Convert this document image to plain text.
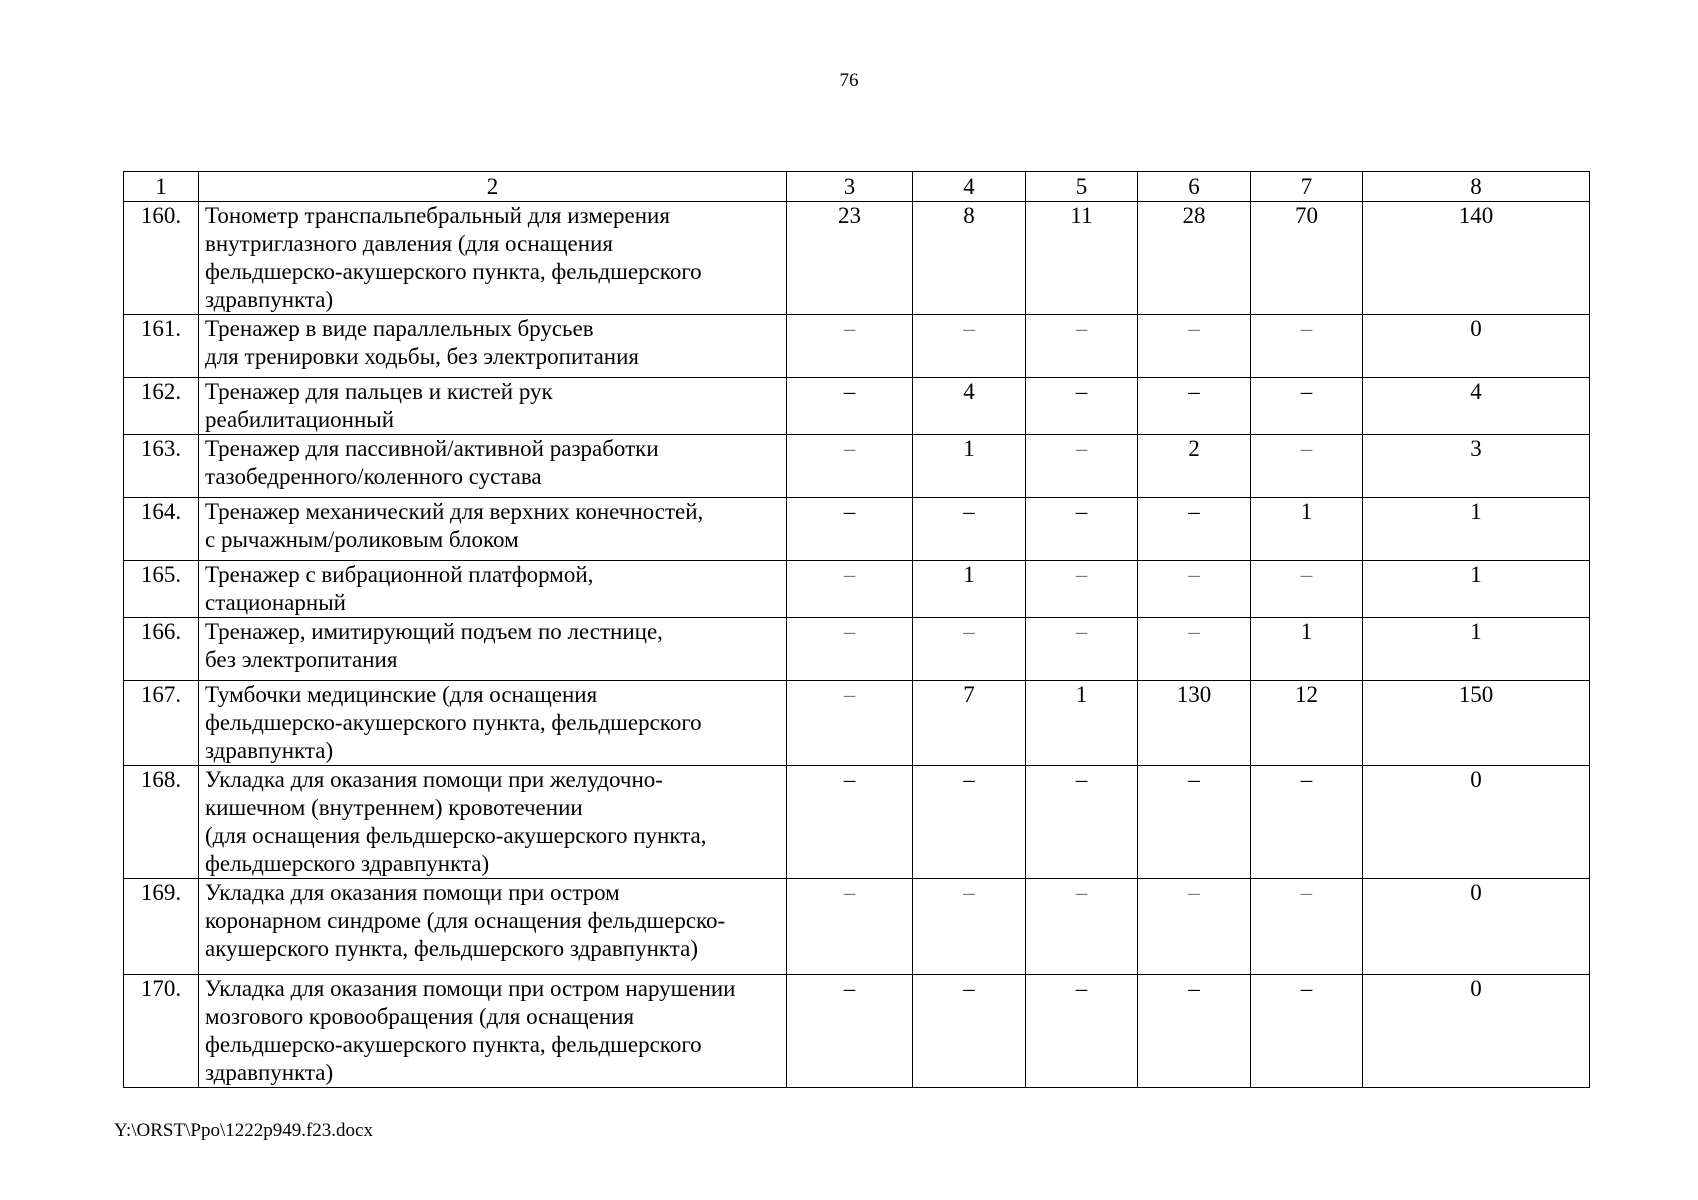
76
1	2	3	4	5	6	7	8
160.	Тонометр транспальпебральный для измерения
внутриглазного давления (для оснащения
фельдшерско-акушерского пункта, фельдшерского
здравпункта)	23	8	11	28	70	140
161.	Тренажер в виде параллельных брусьев
для тренировки ходьбы, без электропитания	–	–	–	–	–	0
162.	Тренажер для пальцев и кистей рук
реабилитационный	–	4	–	–	–	4
163.	Тренажер для пассивной/активной разработки
тазобедренного/коленного сустава	–	1	–	2	–	3
164.	Тренажер механический для верхних конечностей,
с рычажным/роликовым блоком	–	–	–	–	1	1
165.	Тренажер с вибрационной платформой,
стационарный	–	1	–	–	–	1
166.	Тренажер, имитирующий подъем по лестнице,
без электропитания	–	–	–	–	1	1
167.	Тумбочки медицинские (для оснащения
фельдшерско-акушерского пункта, фельдшерского
здравпункта)	–	7	1	130	12	150
168.	Укладка для оказания помощи при желудочно-
кишечном (внутреннем) кровотечении
(для оснащения фельдшерско-акушерского пункта,
фельдшерского здравпункта)	–	–	–	–	–	0
169.	Укладка для оказания помощи при остром
коронарном синдроме (для оснащения фельдшерско-
акушерского пункта, фельдшерского здравпункта)	–	–	–	–	–	0
170.	Укладка для оказания помощи при остром нарушении
мозгового кровообращения (для оснащения
фельдшерско-акушерского пункта, фельдшерского
здравпункта)	–	–	–	–	–	0
Y:\ORST\Ppo\1222p949.f23.docx
